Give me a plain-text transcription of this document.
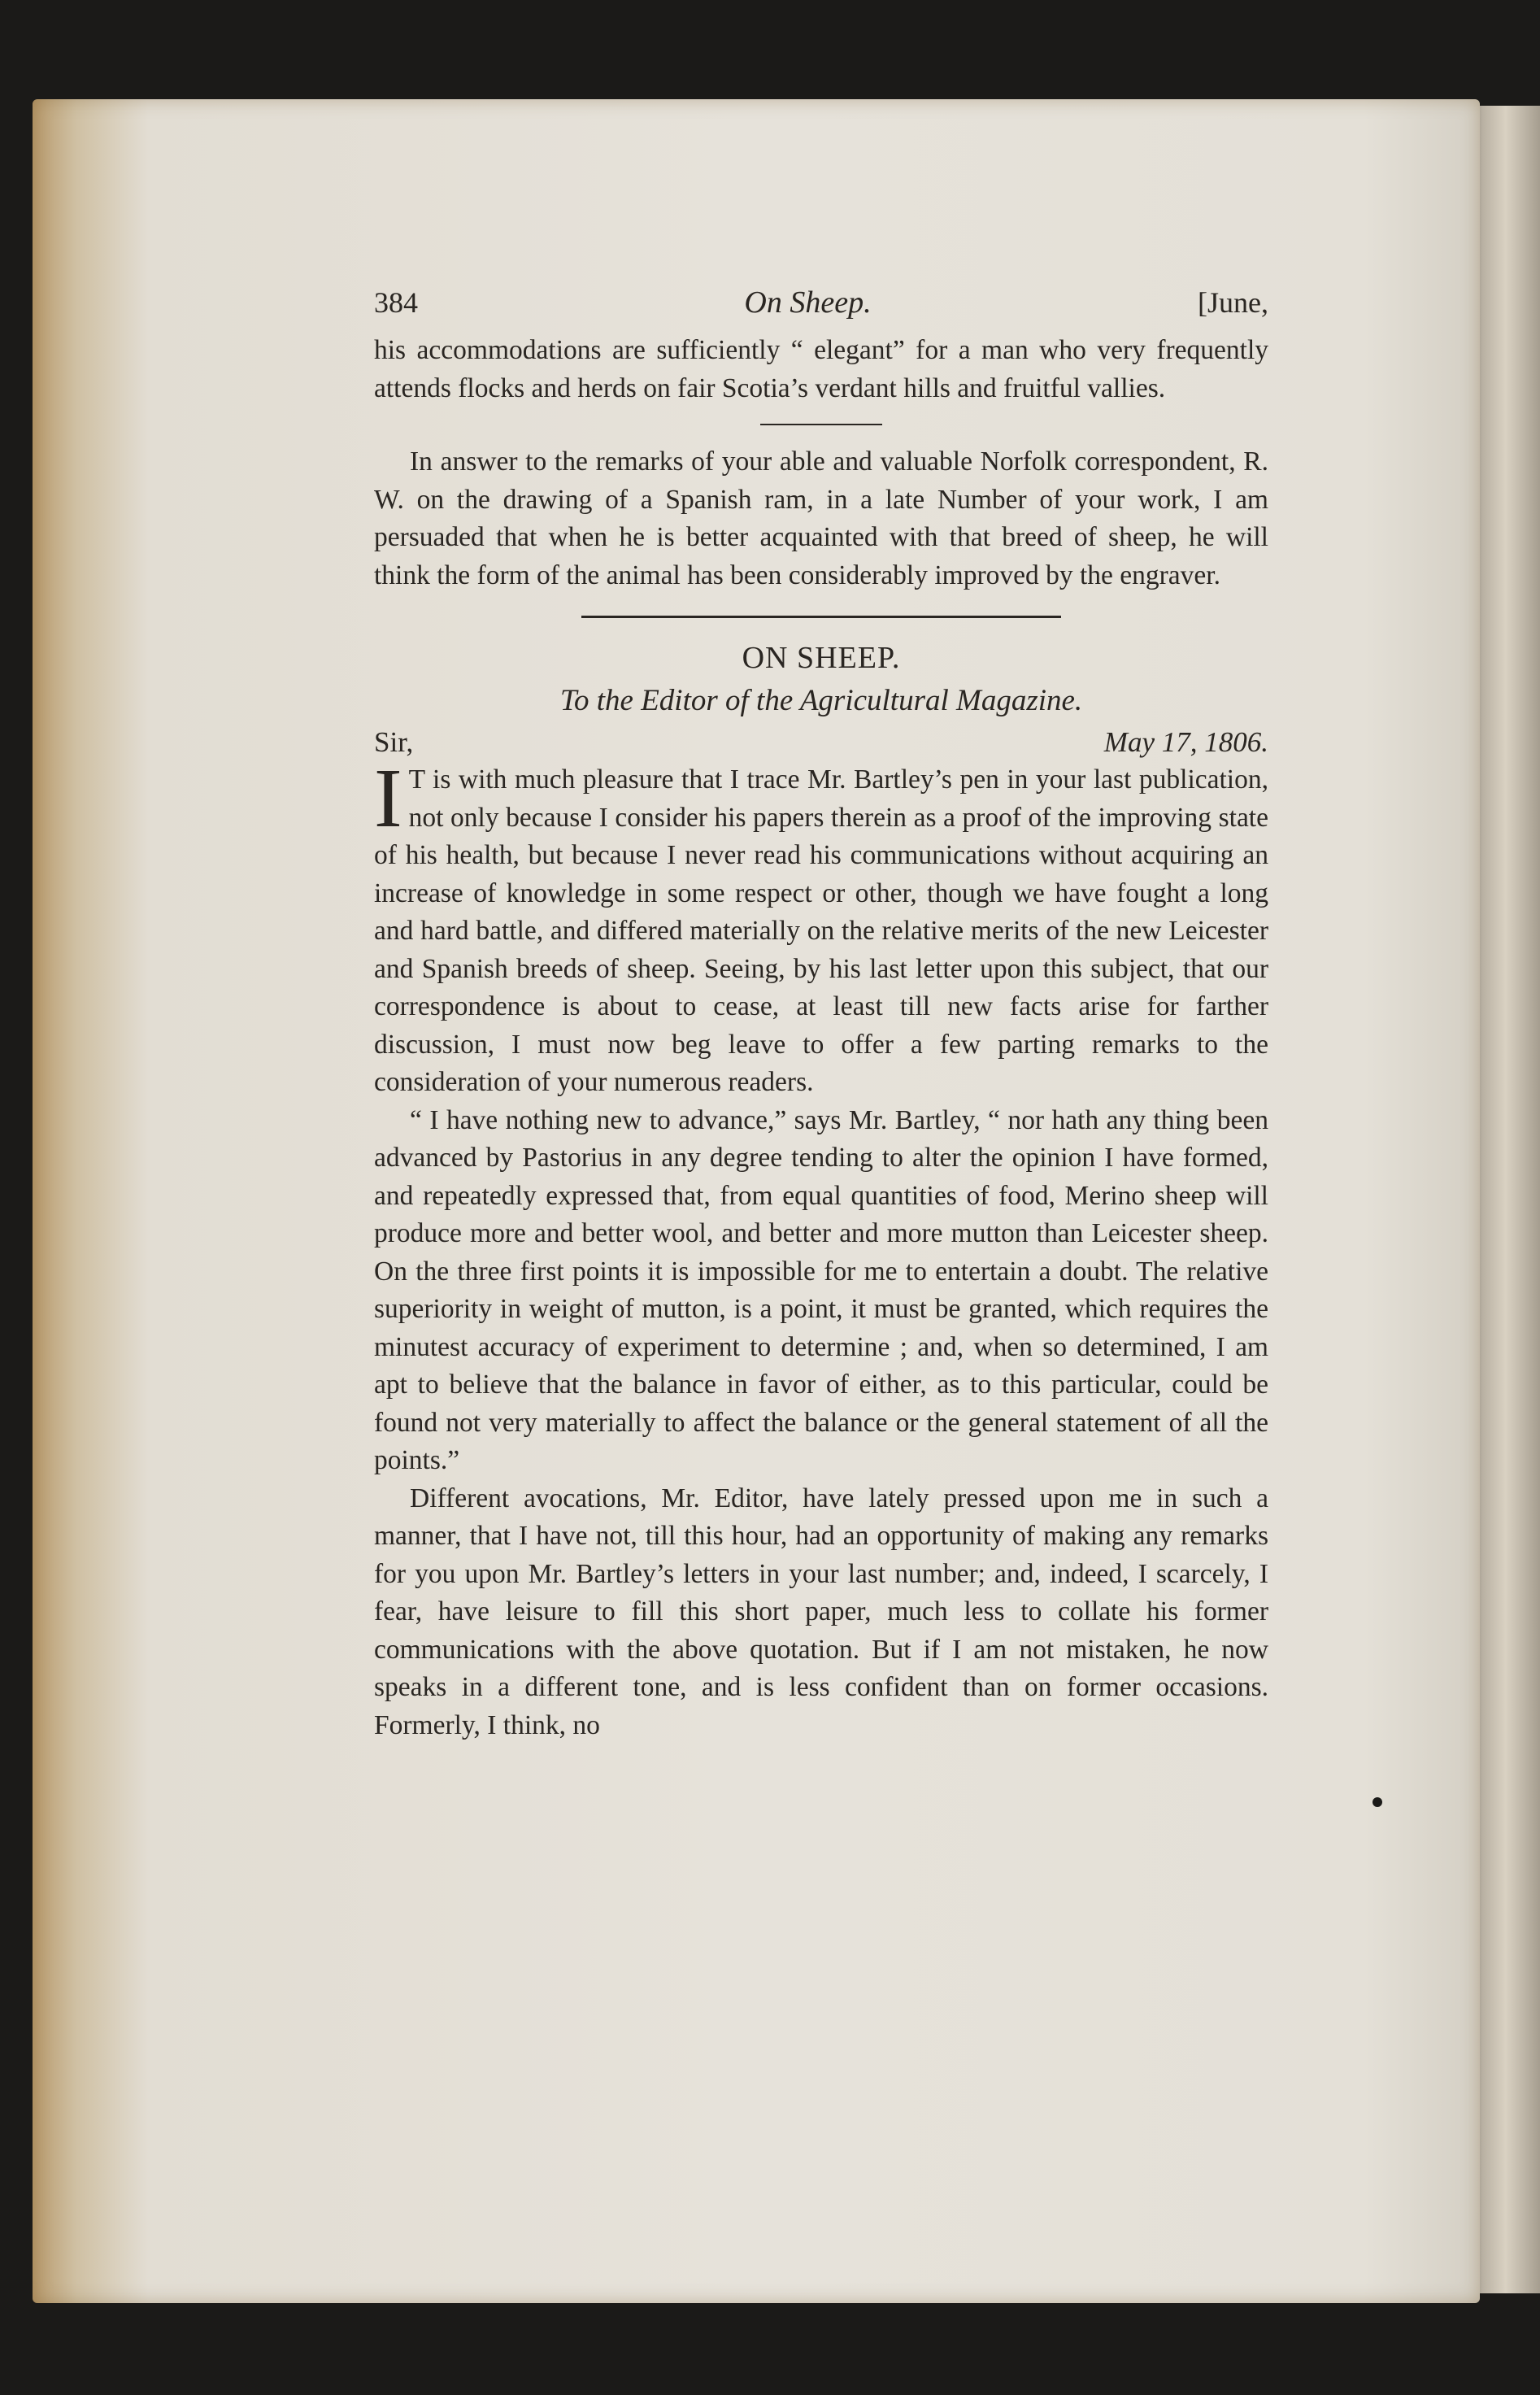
384	On Sheep.	[June,

his accommodations are sufficiently “ elegant” for a man who very frequently attends flocks and herds on fair Scotia’s verdant hills and fruitful vallies.

In answer to the remarks of your able and valuable Norfolk correspondent, R. W. on the drawing of a Spanish ram, in a late Number of your work, I am persuaded that when he is better acquainted with that breed of sheep, he will think the form of the animal has been considerably improved by the engraver.

ON SHEEP.
To the Editor of the Agricultural Magazine.
Sir,	May 17, 1806.
I T is with much pleasure that I trace Mr. Bartley’s pen in your last publication, not only because I consider his papers therein as a proof of the improving state of his health, but because I never read his communications without acquiring an increase of knowledge in some respect or other, though we have fought a long and hard battle, and differed materially on the relative merits of the new Leicester and Spanish breeds of sheep. Seeing, by his last letter upon this subject, that our correspondence is about to cease, at least till new facts arise for farther discussion, I must now beg leave to offer a few parting remarks to the consideration of your numerous readers.

“ I have nothing new to advance,” says Mr. Bartley, “ nor hath any thing been advanced by Pastorius in any degree tending to alter the opinion I have formed, and repeatedly expressed that, from equal quantities of food, Merino sheep will produce more and better wool, and better and more mutton than Leicester sheep. On the three first points it is impossible for me to entertain a doubt. The relative superiority in weight of mutton, is a point, it must be granted, which requires the minutest accuracy of experiment to determine ; and, when so determined, I am apt to believe that the balance in favor of either, as to this particular, could be found not very materially to affect the balance or the general statement of all the points.”

Different avocations, Mr. Editor, have lately pressed upon me in such a manner, that I have not, till this hour, had an opportunity of making any remarks for you upon Mr. Bartley’s letters in your last number; and, indeed, I scarcely, I fear, have leisure to fill this short paper, much less to collate his former communications with the above quotation. But if I am not mistaken, he now speaks in a different tone, and is less confident than on former occasions. Formerly, I think, no
